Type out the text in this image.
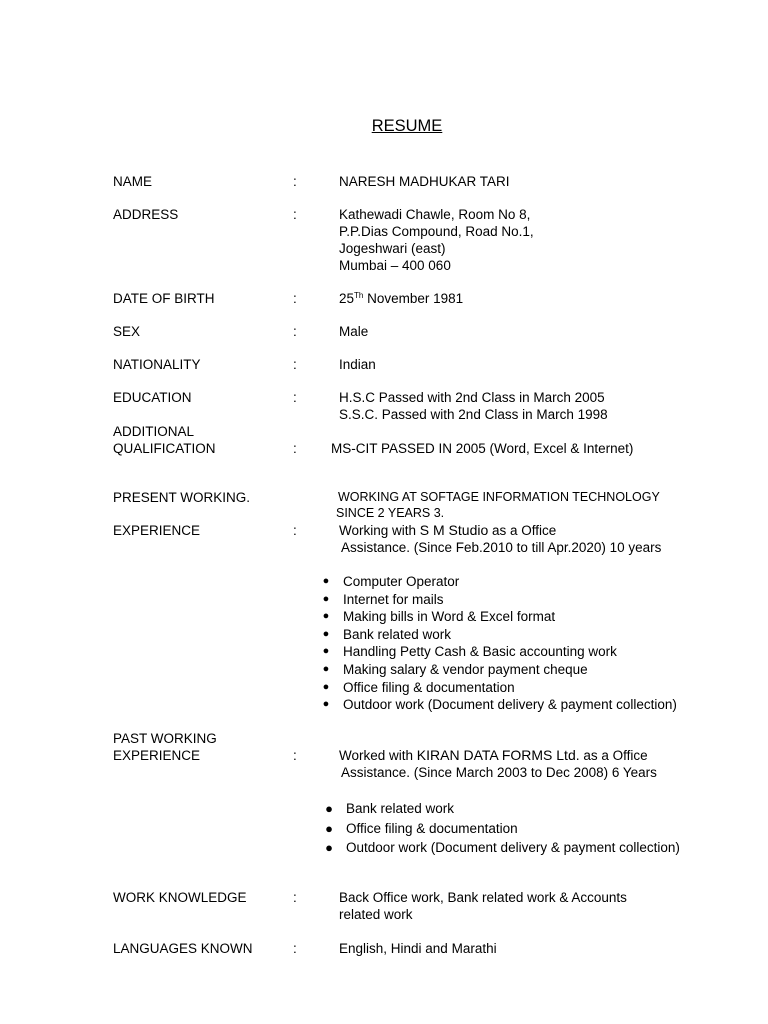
RESUME
NAME	:	NARESH MADHUKAR TARI
ADDRESS	:	Kathewadi Chawle, Room No 8,
P.P.Dias Compound, Road No.1,
Jogeshwari (east)
Mumbai – 400 060
DATE OF BIRTH	:	25Th November 1981
SEX	:	Male
NATIONALITY	:	Indian
EDUCATION	:	H.S.C Passed with 2nd Class in March 2005
S.S.C. Passed with 2nd Class in March 1998
ADDITIONAL
QUALIFICATION	:	MS-CIT PASSED IN 2005 (Word, Excel & Internet)
PRESENT WORKING.	WORKING AT SOFTAGE INFORMATION TECHNOLOGY
SINCE 2 YEARS 3.
EXPERIENCE	:	Working with S M Studio as a Office
Assistance. (Since Feb.2010 to till Apr.2020) 10 years
● Computer Operator
● Internet for mails
● Making bills in Word & Excel format
● Bank related work
● Handling Petty Cash & Basic accounting work
● Making salary & vendor payment cheque
● Office filing & documentation
● Outdoor work (Document delivery & payment collection)
PAST WORKING
EXPERIENCE	:	Worked with KIRAN DATA FORMS Ltd. as a Office
Assistance. (Since March 2003 to Dec 2008) 6 Years
● Bank related work
● Office filing & documentation
● Outdoor work (Document delivery & payment collection)
WORK KNOWLEDGE	:	Back Office work, Bank related work & Accounts
related work
LANGUAGES KNOWN	:	English, Hindi and Marathi
